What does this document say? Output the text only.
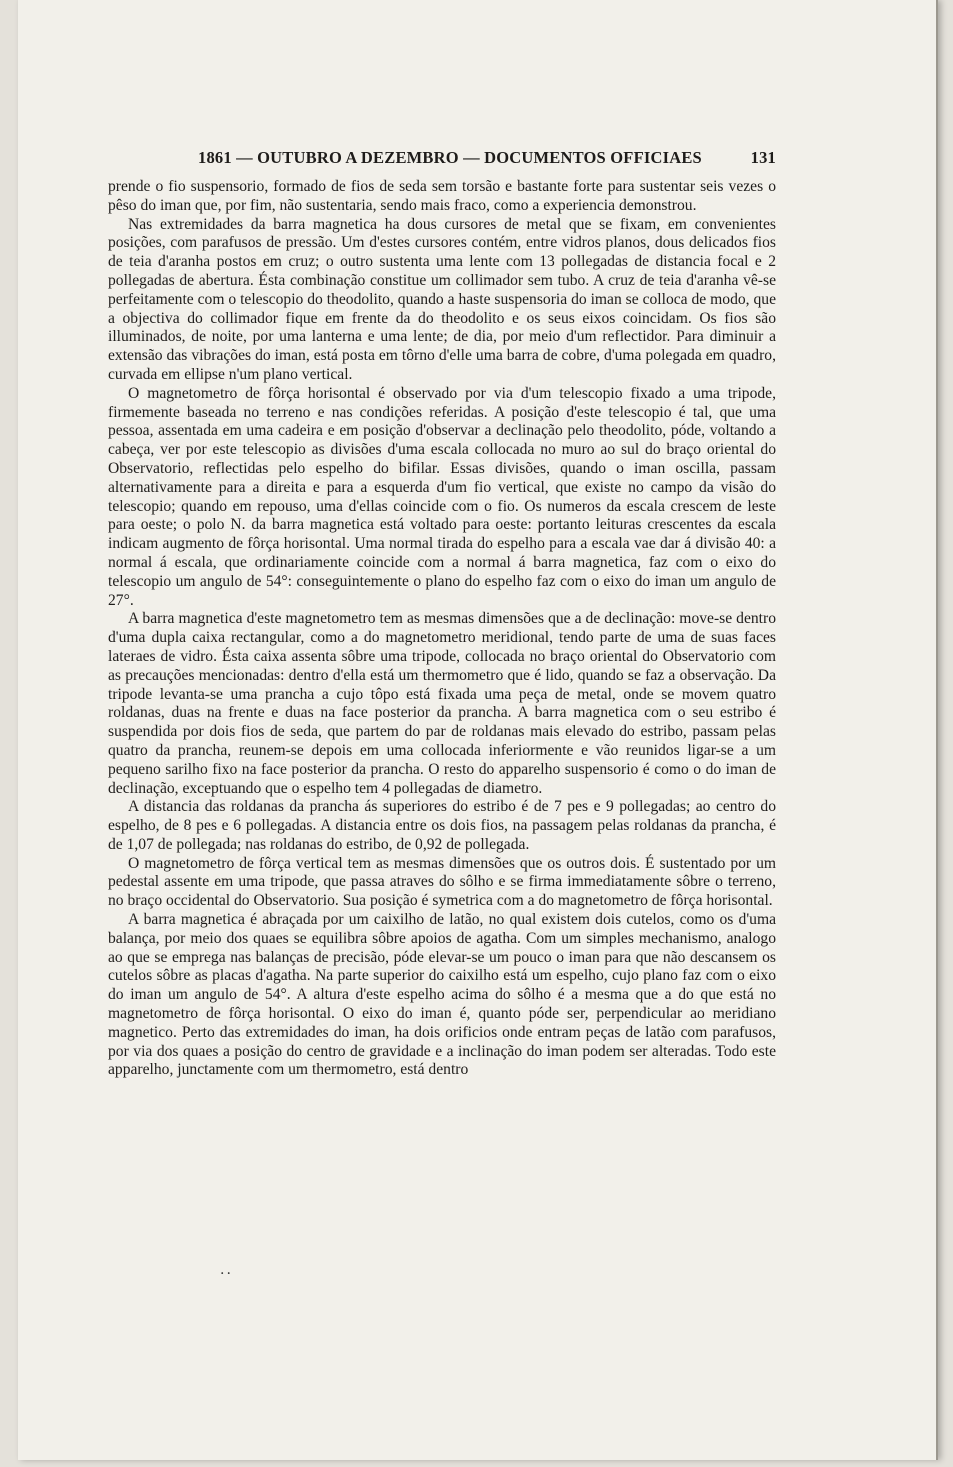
1861 — OUTUBRO A DEZEMBRO — DOCUMENTOS OFFICIAES	131

prende o fio suspensorio, formado de fios de seda sem torsão e bastante forte para sustentar seis vezes o pêso do iman que, por fim, não sustentaria, sendo mais fraco, como a experiencia demonstrou.

Nas extremidades da barra magnetica ha dous cursores de metal que se fixam, em convenientes posições, com parafusos de pressão. Um d'estes cursores contém, entre vidros planos, dous delicados fios de teia d'aranha postos em cruz; o outro sustenta uma lente com 13 pollegadas de distancia focal e 2 pollegadas de abertura. Ésta combinação constitue um collimador sem tubo. A cruz de teia d'aranha vê-se perfeitamente com o telescopio do theodolito, quando a haste suspensoria do iman se colloca de modo, que a objectiva do collimador fique em frente da do theodolito e os seus eixos coincidam. Os fios são illuminados, de noite, por uma lanterna e uma lente; de dia, por meio d'um reflectidor. Para diminuir a extensão das vibrações do iman, está posta em tôrno d'elle uma barra de cobre, d'uma polegada em quadro, curvada em ellipse n'um plano vertical.

O magnetometro de fôrça horisontal é observado por via d'um telescopio fixado a uma tripode, firmemente baseada no terreno e nas condições referidas. A posição d'este telescopio é tal, que uma pessoa, assentada em uma cadeira e em posição d'observar a declinação pelo theodolito, póde, voltando a cabeça, ver por este telescopio as divisões d'uma escala collocada no muro ao sul do braço oriental do Observatorio, reflectidas pelo espelho do bifilar. Essas divisões, quando o iman oscilla, passam alternativamente para a direita e para a esquerda d'um fio vertical, que existe no campo da visão do telescopio; quando em repouso, uma d'ellas coincide com o fio. Os numeros da escala crescem de leste para oeste; o polo N. da barra magnetica está voltado para oeste: portanto leituras crescentes da escala indicam augmento de fôrça horisontal. Uma normal tirada do espelho para a escala vae dar á divisão 40: a normal á escala, que ordinariamente coincide com a normal á barra magnetica, faz com o eixo do telescopio um angulo de 54°: conseguintemente o plano do espelho faz com o eixo do iman um angulo de 27°.

A barra magnetica d'este magnetometro tem as mesmas dimensões que a de declinação: move-se dentro d'uma dupla caixa rectangular, como a do magnetometro meridional, tendo parte de uma de suas faces lateraes de vidro. Ésta caixa assenta sôbre uma tripode, collocada no braço oriental do Observatorio com as precauções mencionadas: dentro d'ella está um thermometro que é lido, quando se faz a observação. Da tripode levanta-se uma prancha a cujo tôpo está fixada uma peça de metal, onde se movem quatro roldanas, duas na frente e duas na face posterior da prancha. A barra magnetica com o seu estribo é suspendida por dois fios de seda, que partem do par de roldanas mais elevado do estribo, passam pelas quatro da prancha, reunem-se depois em uma collocada inferiormente e vão reunidos ligar-se a um pequeno sarilho fixo na face posterior da prancha. O resto do apparelho suspensorio é como o do iman de declinação, exceptuando que o espelho tem 4 pollegadas de diametro.

A distancia das roldanas da prancha ás superiores do estribo é de 7 pes e 9 pollegadas; ao centro do espelho, de 8 pes e 6 pollegadas. A distancia entre os dois fios, na passagem pelas roldanas da prancha, é de 1,07 de pollegada; nas roldanas do estribo, de 0,92 de pollegada.

O magnetometro de fôrça vertical tem as mesmas dimensões que os outros dois. É sustentado por um pedestal assente em uma tripode, que passa atraves do sôlho e se firma immediatamente sôbre o terreno, no braço occidental do Observatorio. Sua posição é symetrica com a do magnetometro de fôrça horisontal.

A barra magnetica é abraçada por um caixilho de latão, no qual existem dois cutelos, como os d'uma balança, por meio dos quaes se equilibra sôbre apoios de agatha. Com um simples mechanismo, analogo ao que se emprega nas balanças de precisão, póde elevar-se um pouco o iman para que não descansem os cutelos sôbre as placas d'agatha. Na parte superior do caixilho está um espelho, cujo plano faz com o eixo do iman um angulo de 54°. A altura d'este espelho acima do sôlho é a mesma que a do que está no magnetometro de fôrça horisontal. O eixo do iman é, quanto póde ser, perpendicular ao meridiano magnetico. Perto das extremidades do iman, ha dois orificios onde entram peças de latão com parafusos, por via dos quaes a posição do centro de gravidade e a inclinação do iman podem ser alteradas. Todo este apparelho, junctamente com um thermometro, está dentro

..
